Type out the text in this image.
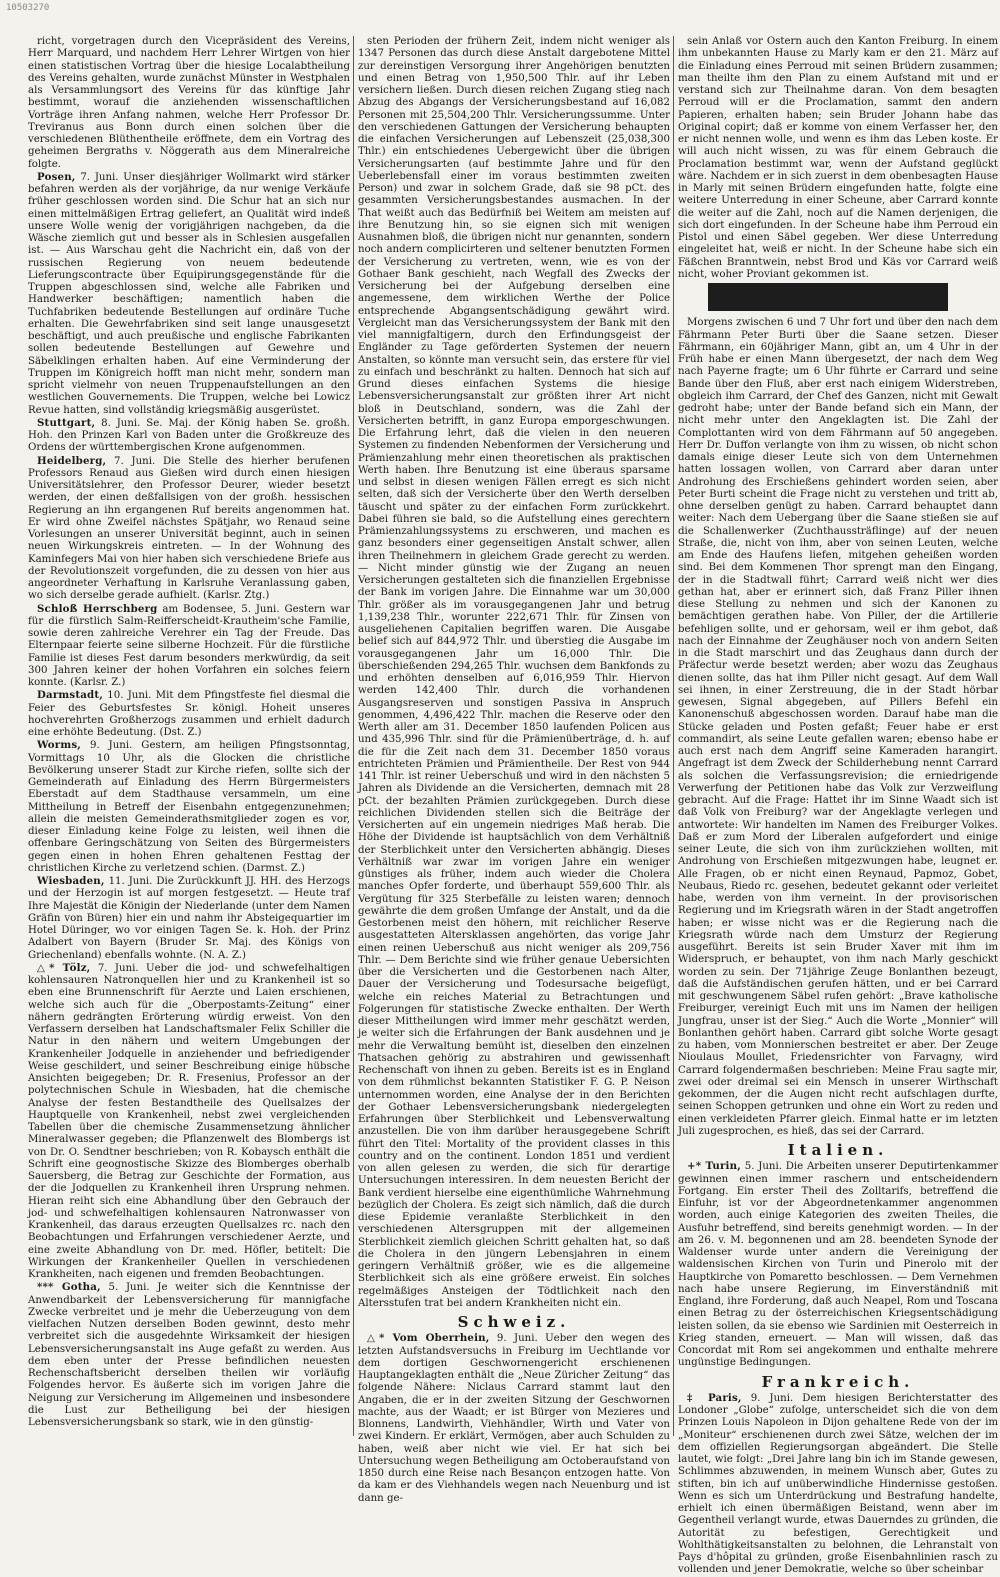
10503270

richt, vorgetragen durch den Vicepräsident des Vereins, Herr Marquard, und nachdem Herr Lehrer Wirtgen von hier einen statistischen Vortrag über die hiesige Localabtheilung des Vereins gehalten, wurde zunächst Münster in Westphalen als Versammlungsort des Vereins für das künftige Jahr bestimmt, worauf die anziehenden wissenschaftlichen Vorträge ihren Anfang nahmen, welche Herr Professor Dr. Treviranus aus Bonn durch einen solchen über die verschiedenen Blüthentheile eröffnete, dem ein Vortrag des geheimen Bergraths v. Nöggerath aus dem Mineralreiche folgte.

Posen, 7. Juni. Unser diesjähriger Wollmarkt wird stärker befahren werden als der vorjährige, da nur wenige Verkäufe früher geschlossen worden sind. Die Schur hat an sich nur einen mittelmäßigen Ertrag geliefert, an Qualität wird indeß unsere Wolle wenig der vorigjährigen nachgeben, da die Wäsche ziemlich gut und besser als in Schlesien ausgefallen ist. — Aus Warschau geht die Nachricht ein, daß von der russischen Regierung von neuem bedeutende Lieferungscontracte über Equipirungsgegenstände für die Truppen abgeschlossen sind, welche alle Fabriken und Handwerker beschäftigen; namentlich haben die Tuchfabriken bedeutende Bestellungen auf ordinäre Tuche erhalten. Die Gewehrfabriken sind seit lange unausgesetzt beschäftigt, und auch preußische und englische Fabrikanten sollen bedeutende Bestellungen auf Gewehre und Säbelklingen erhalten haben. Auf eine Verminderung der Truppen im Königreich hofft man nicht mehr, sondern man spricht vielmehr von neuen Truppenaufstellungen an den westlichen Gouvernements. Die Truppen, welche bei Lowicz Revue hatten, sind vollständig kriegsmäßig ausgerüstet.

Stuttgart, 8. Juni. Se. Maj. der König haben Se. großh. Hoh. den Prinzen Karl von Baden unter die Großkreuze des Ordens der württembergischen Krone aufgenommen.

Heidelberg, 7. Juni. Die Stelle des hierher berufenen Professors Renaud aus Gießen wird durch einen hiesigen Universitätslehrer, den Professor Deurer, wieder besetzt werden, der einen deßfallsigen von der großh. hessischen Regierung an ihn ergangenen Ruf bereits angenommen hat. Er wird ohne Zweifel nächstes Spätjahr, wo Renaud seine Vorlesungen an unserer Universität beginnt, auch in seinen neuen Wirkungskreis eintreten. — In der Wohnung des Kaminfegers Mai von hier haben sich verschiedene Briefe aus der Revolutionszeit vorgefunden, die zu dessen von hier aus angeordneter Verhaftung in Karlsruhe Veranlassung gaben, wo sich derselbe gerade aufhielt. (Karlsr. Ztg.)

Schloß Herrschberg am Bodensee, 5. Juni. Gestern war für die fürstlich Salm-Reifferscheidt-Krautheim'sche Familie, sowie deren zahlreiche Verehrer ein Tag der Freude. Das Elternpaar feierte seine silberne Hochzeit. Für die fürstliche Familie ist dieses Fest darum besonders merkwürdig, da seit 300 Jahren keiner der hohen Vorfahren ein solches feiern konnte. (Karlsr. Z.)

Darmstadt, 10. Juni. Mit dem Pfingstfeste fiel diesmal die Feier des Geburtsfestes Sr. königl. Hoheit unseres hochverehrten Großherzogs zusammen und erhielt dadurch eine erhöhte Bedeutung. (Dst. Z.)

Worms, 9. Juni. Gestern, am heiligen Pfingstsonntag, Vormittags 10 Uhr, als die Glocken die christliche Bevölkerung unserer Stadt zur Kirche riefen, sollte sich der Gemeinderath auf Einladung des Herrn Bürgermeisters Eberstadt auf dem Stadthause versammeln, um eine Mittheilung in Betreff der Eisenbahn entgegenzunehmen; allein die meisten Gemeinderathsmitglieder zogen es vor, dieser Einladung keine Folge zu leisten, weil ihnen die offenbare Geringschätzung von Seiten des Bürgermeisters gegen einen in hohen Ehren gehaltenen Festtag der christlichen Kirche zu verletzend schien. (Darmst. Z.)

Wiesbaden, 11. Juni. Die Zurückkunft JJ. HH. des Herzogs und der Herzogin ist auf morgen festgesetzt. — Heute traf Ihre Majestät die Königin der Niederlande (unter dem Namen Gräfin von Büren) hier ein und nahm ihr Absteigequartier im Hotel Düringer, wo vor einigen Tagen Se. k. Hoh. der Prinz Adalbert von Bayern (Bruder Sr. Maj. des Königs von Griechenland) ebenfalls wohnte. (N. A. Z.)

△* Tölz, 7. Juni. Ueber die jod- und schwefelhaltigen kohlensauren Natronquellen hier und zu Krankenheil ist so eben eine Brunnenschrift für Aerzte und Laien erschienen, welche sich auch für die „Oberpostamts-Zeitung“ einer nähern gedrängten Erörterung würdig erweist. Von den Verfassern derselben hat Landschaftsmaler Felix Schiller die Natur in den nähern und weitern Umgebungen der Krankenheiler Jodquelle in anziehender und befriedigender Weise geschildert, und seiner Beschreibung einige hübsche Ansichten beigegeben; Dr. R. Fresenius, Professor an der polytechnischen Schule in Wiesbaden, hat die chemische Analyse der festen Bestandtheile des Quellsalzes der Hauptquelle von Krankenheil, nebst zwei vergleichenden Tabellen über die chemische Zusammensetzung ähnlicher Mineralwasser gegeben; die Pflanzenwelt des Blombergs ist von Dr. O. Sendtner beschrieben; von R. Kobaysch enthält die Schrift eine geognostische Skizze des Blomberges oberhalb Sauersberg, die Betrag zur Geschichte der Formation, aus der die Jodquellen zu Krankenheil ihren Ursprung nehmen. Hieran reiht sich eine Abhandlung über den Gebrauch der jod- und schwefelhaltigen kohlensauren Natronwasser von Krankenheil, das daraus erzeugten Quellsalzes rc. nach den Beobachtungen und Erfahrungen verschiedener Aerzte, und eine zweite Abhandlung von Dr. med. Höfler, betitelt: Die Wirkungen der Krankenheiler Quellen in verschiedenen Krankheiten, nach eigenen und fremden Beobachtungen.

*** Gotha, 5. Juni. Je weiter sich die Kenntnisse der Anwendbarkeit der Lebensversicherung für mannigfache Zwecke verbreitet und je mehr die Ueberzeugung von dem vielfachen Nutzen derselben Boden gewinnt, desto mehr verbreitet sich die ausgedehnte Wirksamkeit der hiesigen Lebensversicherungsanstalt ins Auge gefaßt zu werden. Aus dem eben unter der Presse befindlichen neuesten Rechenschaftsbericht derselben theilen wir vorläufig Folgendes hervor. Es äußerte sich im vorigen Jahre die Neigung zur Versicherung im Allgemeinen und insbesondere die Lust zur Betheiligung bei der hiesigen Lebensversicherungsbank so stark, wie in den günstig-

sten Perioden der frühern Zeit, indem nicht weniger als 1347 Personen das durch diese Anstalt dargebotene Mittel zur dereinstigen Versorgung ihrer Angehörigen benutzten und einen Betrag von 1,950,500 Thlr. auf ihr Leben versichern ließen. Durch diesen reichen Zugang stieg nach Abzug des Abgangs der Versicherungsbestand auf 16,082 Personen mit 25,504,200 Thlr. Versicherungssumme. Unter den verschiedenen Gattungen der Versicherung behaupten die einfachen Versicherungen auf Lebenszeit (25,038,300 Thlr.) ein entschiedenes Uebergewicht über die übrigen Versicherungsarten (auf bestimmte Jahre und für den Ueberlebensfall einer im voraus bestimmten zweiten Person) und zwar in solchem Grade, daß sie 98 pCt. des gesammten Versicherungsbestandes ausmachen. In der That weißt auch das Bedürfniß bei Weitem am meisten auf ihre Benutzung hin, so sie eignen sich mit wenigen Ausnahmen bloß, die übrigen nicht nur genannten, sondern noch andern complicirteren und seltener benutzten Formen der Versicherung zu vertreten, wenn, wie es von der Gothaer Bank geschieht, nach Wegfall des Zwecks der Versicherung bei der Aufgebung derselben eine angemessene, dem wirklichen Werthe der Police entsprechende Abgangsentschädigung gewährt wird. Vergleicht man das Versicherungssystem der Bank mit den viel mannigfaltigern, durch den Erfindungsgeist der Engländer zu Tage geförderten Systemen der neuern Anstalten, so könnte man versucht sein, das erstere für viel zu einfach und beschränkt zu halten. Dennoch hat sich auf Grund dieses einfachen Systems die hiesige Lebensversicherungsanstalt zur größten ihrer Art nicht bloß in Deutschland, sondern, was die Zahl der Versicherten betrifft, in ganz Europa emporgeschwungen. Die Erfahrung lehrt, daß die vielen in den neueren Systemen zu findenden Nebenformen der Versicherung und Prämienzahlung mehr einen theoretischen als praktischen Werth haben. Ihre Benutzung ist eine überaus sparsame und selbst in diesen wenigen Fällen erregt es sich nicht selten, daß sich der Versicherte über den Werth derselben täuscht und später zu der einfachen Form zurückkehrt. Dabei führen sie bald, so die Aufstellung eines gerechtern Prämienzahlungssystems zu erschweren, und machen es ganz besonders einer gegenseitigen Anstalt schwer, allen ihren Theilnehmern in gleichem Grade gerecht zu werden. — Nicht minder günstig wie der Zugang an neuen Versicherungen gestalteten sich die finanziellen Ergebnisse der Bank im vorigen Jahre. Die Einnahme war um 30,000 Thlr. größer als im vorausgegangenen Jahr und betrug 1,139,238 Thlr., worunter 222,671 Thlr. für Zinsen von ausgeliehenen Capitalien begriffen waren. Die Ausgabe belief sich auf 844,972 Thlr. und überstieg die Ausgabe im vorausgegangenen Jahr um 16,000 Thlr. Die überschießenden 294,265 Thlr. wuchsen dem Bankfonds zu und erhöhten denselben auf 6,016,959 Thlr. Hiervon werden 142,400 Thlr. durch die vorhandenen Ausgangsreserven und sonstigen Passiva in Anspruch genommen, 4,496,422 Thlr. machen die Reserve oder den Werth aller am 31. December 1850 laufenden Policen aus und 435,996 Thlr. sind für die Prämienüberträge, d. h. auf die für die Zeit nach dem 31. December 1850 voraus entrichteten Prämien und Prämientheile. Der Rest von 944 141 Thlr. ist reiner Ueberschuß und wird in den nächsten 5 Jahren als Dividende an die Versicherten, demnach mit 28 pCt. der bezahlten Prämien zurückgegeben. Durch diese reichlichen Dividenden stellen sich die Beiträge der Versicherten auf ein ungemein niedriges Maß herab. Die Höhe der Dividende ist hauptsächlich von dem Verhältniß der Sterblichkeit unter den Versicherten abhängig. Dieses Verhältniß war zwar im vorigen Jahre ein weniger günstiges als früher, indem auch wieder die Cholera manches Opfer forderte, und überhaupt 559,600 Thlr. als Vergütung für 325 Sterbefälle zu leisten waren; dennoch gewährte die dem großen Umfange der Anstalt, und da die Gestorbenen meist den höhern, mit reichlicher Reserve ausgestatteten Altersklassen angehörten, das vorige Jahr einen reinen Ueberschuß aus nicht weniger als 209,756 Thlr. — Dem Berichte sind wie früher genaue Uebersichten über die Versicherten und die Gestorbenen nach Alter, Dauer der Versicherung und Todesursache beigefügt, welche ein reiches Material zu Betrachtungen und Folgerungen für statistische Zwecke enthalten. Der Werth dieser Mittheilungen wird immer mehr geschätzt werden, je weiter sich die Erfahrungen der Bank ausdehnen und je mehr die Verwaltung bemüht ist, dieselben den einzelnen Thatsachen gehörig zu abstrahiren und gewissenhaft Rechenschaft von ihnen zu geben. Bereits ist es in England von dem rühmlichst bekannten Statistiker F. G. P. Neison unternommen worden, eine Analyse der in den Berichten der Gothaer Lebensversicherungsbank niedergelegten Erfahrungen über Sterblichkeit und Lebensverwaltung anzustellen. Die von ihm darüber herausgegebene Schrift führt den Titel: Mortality of the provident classes in this country and on the continent. London 1851 und verdient von allen gelesen zu werden, die sich für derartige Untersuchungen interessiren. In dem neuesten Bericht der Bank verdient hierselbe eine eigenthümliche Wahrnehmung bezüglich der Cholera. Es zeigt sich nämlich, daß die durch diese Epidemie veranlaßte Sterblichkeit in den verschiedenen Altersgruppen mit der allgemeinen Sterblichkeit ziemlich gleichen Schritt gehalten hat, so daß die Cholera in den jüngern Lebensjahren in einem geringern Verhältniß größer, wie es die allgemeine Sterblichkeit sich als eine größere erweist. Ein solches regelmäßiges Ansteigen der Tödtlichkeit nach den Altersstufen trat bei andern Krankheiten nicht ein.

Schweiz.

△* Vom Oberrhein, 9. Juni. Ueber den wegen des letzten Aufstandsversuchs in Freiburg im Uechtlande vor dem dortigen Geschwornengericht erschienenen Hauptangeklagten enthält die „Neue Züricher Zeitung“ das folgende Nähere: Niclaus Carrard stammt laut den Angaben, die er in der zweiten Sitzung der Geschwornen machte, aus der Waadt; er ist Bürger von Mezieres und Blonnens, Landwirth, Viehhändler, Wirth und Vater von zwei Kindern. Er erklärt, Vermögen, aber auch Schulden zu haben, weiß aber nicht wie viel. Er hat sich bei Untersuchung wegen Betheiligung am Octoberaufstand von 1850 durch eine Reise nach Besançon entzogen hatte. Von da kam er des Viehhandels wegen nach Neuenburg und ist dann ge-

sein Anlaß vor Ostern auch den Kanton Freiburg. In einem ihm unbekannten Hause zu Marly kam er den 21. März auf die Einladung eines Perroud mit seinen Brüdern zusammen; man theilte ihm den Plan zu einem Aufstand mit und er verstand sich zur Theilnahme daran. Von dem besagten Perroud will er die Proclamation, sammt den andern Papieren, erhalten haben; sein Bruder Johann habe das Original copirt; daß er komme von einem Verfasser her, den er nicht nennen wolle, und wenn es ihm das Leben koste. Er will auch nicht wissen, zu was für einem Gebrauch die Proclamation bestimmt war, wenn der Aufstand geglückt wäre. Nachdem er in sich zuerst in dem obenbesagten Hause in Marly mit seinen Brüdern eingefunden hatte, folgte eine weitere Unterredung in einer Scheune, aber Carrard konnte die weiter auf die Zahl, noch auf die Namen derjenigen, die sich dort eingefunden. In der Scheune habe ihm Perroud ein Pistol und einen Säbel gegeben. Wer diese Unterredung eingeleitet hat, weiß er nicht. In der Scheune habe sich ein Fäßchen Branntwein, nebst Brod und Käs vor Carrard weiß nicht, woher Proviant gekommen ist.

Morgens zwischen 6 und 7 Uhr fort und über den nach dem Fährmann Peter Burti über die Saane setzen. Dieser Fährmann, ein 60jähriger Mann, gibt an, um 4 Uhr in der Früh habe er einen Mann übergesetzt, der nach dem Weg nach Payerne fragte; um 6 Uhr führte er Carrard und seine Bande über den Fluß, aber erst nach einigem Widerstreben, obgleich ihm Carrard, der Chef des Ganzen, nicht mit Gewalt gedroht habe; unter der Bande befand sich ein Mann, der nicht mehr unter den Angeklagten ist. Die Zahl der Complottanten wird von dem Fährmann auf 50 angegeben. Herr Dr. Duffon verlangte von ihm zu wissen, ob nicht schon damals einige dieser Leute sich von dem Unternehmen hatten lossagen wollen, von Carrard aber daran unter Androhung des Erschießens gehindert worden seien, aber Peter Burti scheint die Frage nicht zu verstehen und tritt ab, ohne derselben genügt zu haben. Carrard behauptet dann weiter: Nach dem Uebergang über die Saane stießen sie auf die Schallenwerker (Zuchthaussträflinge) auf der neuen Straße, die, nicht von ihm, aber von seinen Leuten, welche am Ende des Haufens liefen, mitgehen geheißen worden sind. Bei dem Kommenen Thor sprengt man den Eingang, der in die Stadtwall führt; Carrard weiß nicht wer dies gethan hat, aber er erinnert sich, daß Franz Piller ihnen diese Stellung zu nehmen und sich der Kanonen zu bemächtigen gerathen habe. Von Piller, der die Artillerie befehligen sollte, und er gehorsam, weil er ihm gebot, daß nach der Einnahme der Zeughäuser noch von andern Seiten in die Stadt marschirt und das Zeughaus dann durch der Präfectur werde besetzt werden; aber wozu das Zeughaus dienen sollte, das hat ihm Piller nicht gesagt. Auf dem Wall sei ihnen, in einer Zerstreuung, die in der Stadt hörbar gewesen, Signal abgegeben, auf Pillers Befehl ein Kanonenschuß abgeschossen worden. Darauf habe man die Stücke geladen und Posten gefaßt; Feuer habe er erst commandirt, als seine Leute gefallen waren; ebenso habe er auch erst nach dem Angriff seine Kameraden harangirt. Angefragt ist dem Zweck der Schilderhebung nennt Carrard als solchen die Verfassungsrevision; die erniedrigende Verwerfung der Petitionen habe das Volk zur Verzweiflung gebracht. Auf die Frage: Hattet ihr im Sinne Waadt sich ist daß Volk von Freiburg? war der Angeklagte verlegen und antwortete: Wir handelten im Namen des Freiburger Volkes. Daß er zum Mord der Liberalen aufgefordert und einige seiner Leute, die sich von ihm zurückziehen wollten, mit Androhung von Erschießen mitgezwungen habe, leugnet er. Alle Fragen, ob er nicht einen Reynaud, Papmoz, Gobet, Neubaus, Riedo rc. gesehen, bedeutet gekannt oder verleitet habe, werden von ihm verneint. In der provisorischen Regierung und im Kriegsrath wären in der Stadt angetroffen haben; er wisse nicht was er die Regierung nach die Kriegsrath würde nach dem Umsturz der Regierung ausgeführt. Bereits ist sein Bruder Xaver mit ihm im Widerspruch, er behauptet, von ihm nach Marly geschickt worden zu sein. Der 71jährige Zeuge Bonlanthen bezeugt, daß die Aufständischen gerufen hätten, und er bei Carrard mit geschwungenem Säbel rufen gehört: „Brave katholische Freiburger, vereinigt Euch mit uns im Namen der heiligen Jungfrau, unser ist der Sieg.“ Auch die Worte „Monnier“ will Bonlanthen gehört haben. Carrard gibt solche Worte gesagt zu haben, vom Monnierschen bestreitet er aber. Der Zeuge Nioulaus Moullet, Friedensrichter von Farvagny, wird Carrard folgendermaßen beschrieben: Meine Frau sagte mir, zwei oder dreimal sei ein Mensch in unserer Wirthschaft gekommen, der die Augen nicht recht aufschlagen durfte, seinen Schoppen getrunken und ohne ein Wort zu reden und einen verkleideten Pfarrer gleich. Einmal hatte er im letzten Juli zugesprochen, es hieß, das sei der Carrard.

Italien.

+* Turin, 5. Juni. Die Arbeiten unserer Deputirtenkammer gewinnen einen immer raschern und entscheidendern Fortgang. Ein erster Theil des Zolltarifs, betreffend die Einfuhr, ist vor der Abgeordnetenkammer angenommen worden, auch einige Kategorien des zweiten Theiles, die Ausfuhr betreffend, sind bereits genehmigt worden. — In der am 26. v. M. begonnenen und am 28. beendeten Synode der Waldenser wurde unter andern die Vereinigung der waldensischen Kirchen von Turin und Pinerolo mit der Hauptkirche von Pomaretto beschlossen. — Dem Vernehmen nach habe unsere Regierung, im Einverständniß mit England, ihre Forderung, daß auch Neapel, Rom und Toscana einen Betrag zu der österreichischen Kriegsentschädigung leisten sollen, da sie ebenso wie Sardinien mit Oesterreich in Krieg standen, erneuert. — Man will wissen, daß das Concordat mit Rom sei angekommen und enthalte mehrere ungünstige Bedingungen.

Frankreich.

‡ Paris, 9. Juni. Dem hiesigen Berichterstatter des Londoner „Globe“ zufolge, unterscheidet sich die von dem Prinzen Louis Napoleon in Dijon gehaltene Rede von der im „Moniteur“ erschienenen durch zwei Sätze, welchen der im dem offiziellen Regierungsorgan abgeändert. Die Stelle lautet, wie folgt: „Drei Jahre lang bin ich im Stande gewesen, Schlimmes abzuwenden, in meinem Wunsch aber, Gutes zu stiften, bin ich auf unüberwindliche Hindernisse gestoßen. Wenn es sich um Unterdrückung und Bestrafung handelte, erhielt ich einen übermäßigen Beistand, wenn aber im Gegentheil verlangt wurde, etwas Dauerndes zu gründen, die Autorität zu befestigen, Gerechtigkeit und Wohlthätigkeitsanstalten zu belohnen, die Lehranstalt von Pays d'hôpital zu gründen, große Eisenbahnlinien rasch zu vollenden und jener Demokratie, welche so über scheinbar
